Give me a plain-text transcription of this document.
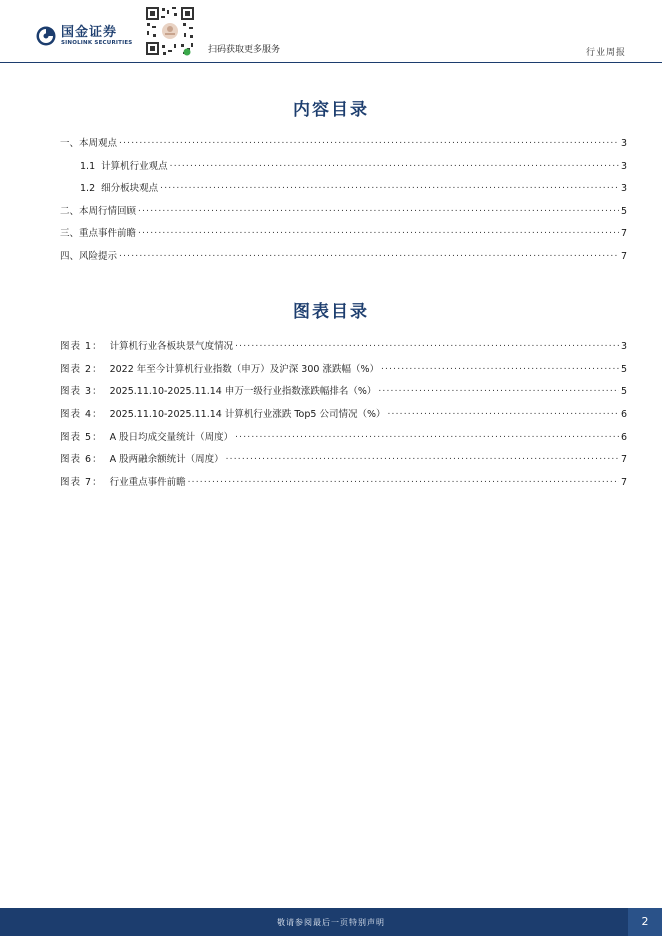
国金证券
SINOLINK SECURITIES
扫码获取更多服务	行业周报
内容目录
一、本周观点 .....	3
1.1  计算机行业观点 .....	3
1.2  细分板块观点 .....	3
二、本周行情回顾 .....	5
三、重点事件前瞻 .....	7
四、风险提示 .....	7
图表目录
图表 1 ： 计算机行业各板块景气度情况 .....	3
图表 2 ： 2022 年至今计算机行业指数（申万）及沪深 300 涨跌幅（%） .....	5
图表 3 ： 2025.11.10-2025.11.14 申万一级行业指数涨跌幅排名（%） .....	5
图表 4 ： 2025.11.10-2025.11.14 计算机行业涨跌 Top5 公司情况（%） .....	6
图表 5 ： A 股日均成交量统计（周度） .....	6
图表 6 ： A 股两融余额统计（周度） .....	7
图表 7 ： 行业重点事件前瞻 .....	7
敬请参阅最后一页特别声明	2
